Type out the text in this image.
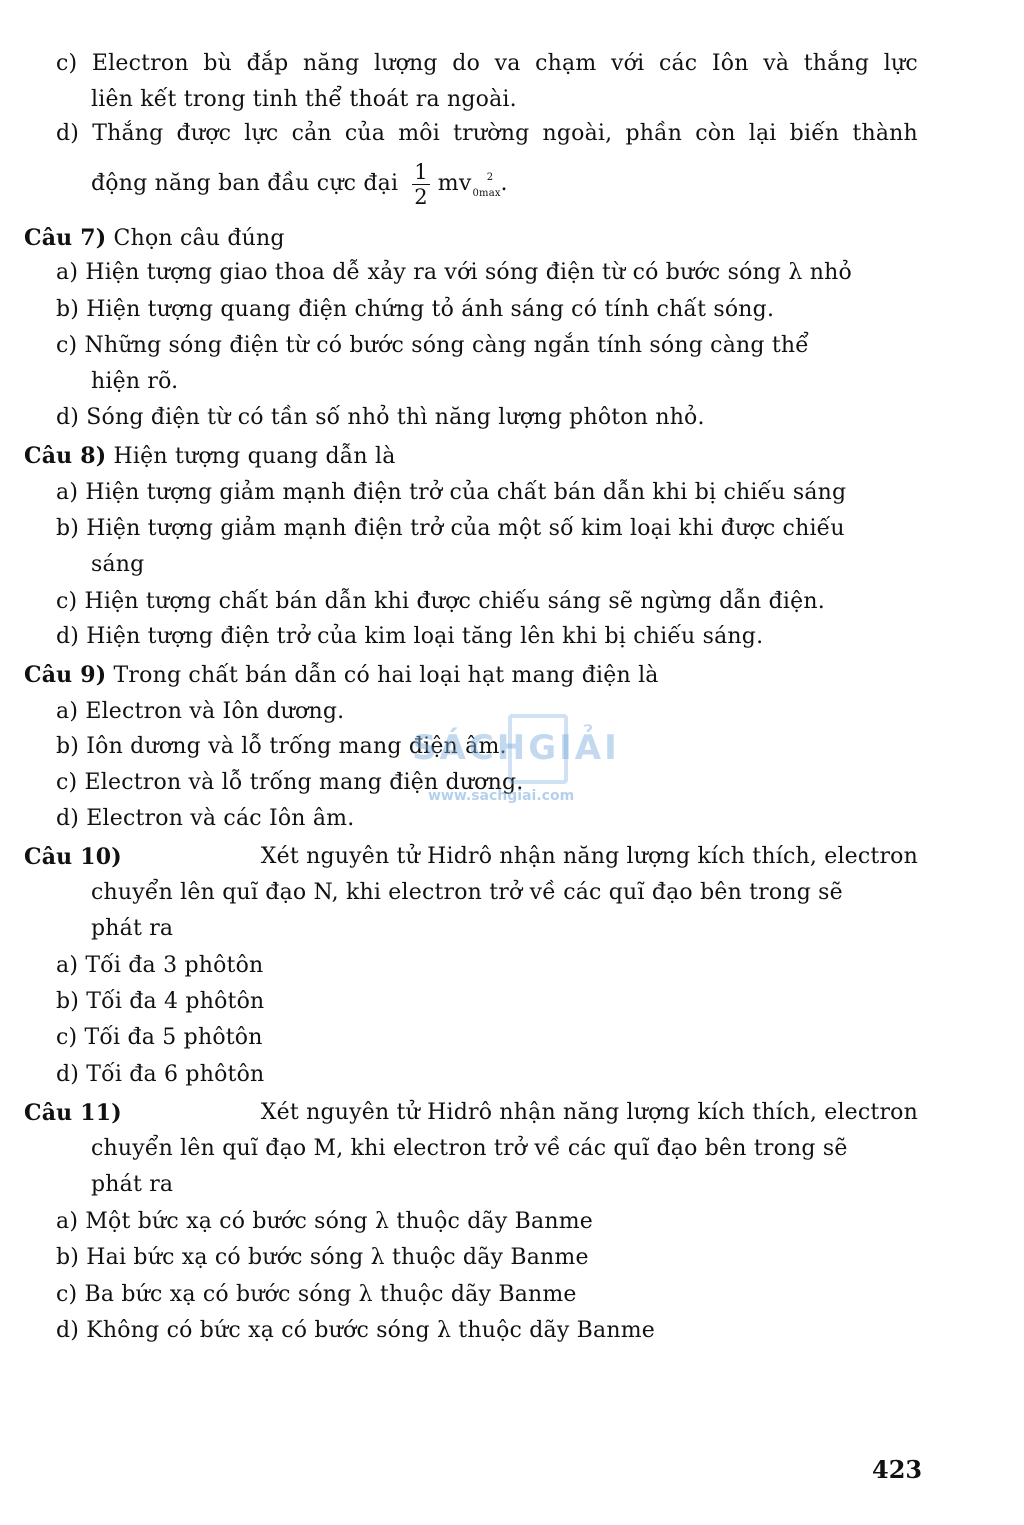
c) Electron bù đắp năng lượng do va chạm với các Iôn và thắng lực
liên kết trong tinh thể thoát ra ngoài.
d) Thắng được lực cản của môi trường ngoài, phần còn lại biến thành
động năng ban đầu cực đại $\frac{1}{2} mv_{0max}^2$ .
Câu 7) Chọn câu đúng
a) Hiện tượng giao thoa dễ xảy ra với sóng điện từ có bước sóng λ nhỏ
b) Hiện tượng quang điện chứng tỏ ánh sáng có tính chất sóng.
c) Những sóng điện từ có bước sóng càng ngắn tính sóng càng thể
hiện rõ.
d) Sóng điện từ có tần số nhỏ thì năng lượng phôton nhỏ.
Câu 8) Hiện tượng quang dẫn là
a) Hiện tượng giảm mạnh điện trở của chất bán dẫn khi bị chiếu sáng
b) Hiện tượng giảm mạnh điện trở của một số kim loại khi được chiếu
sáng
c) Hiện tượng chất bán dẫn khi được chiếu sáng sẽ ngừng dẫn điện.
d) Hiện tượng điện trở của kim loại tăng lên khi bị chiếu sáng.
Câu 9) Trong chất bán dẫn có hai loại hạt mang điện là
a) Electron và Iôn dương.
b) Iôn dương và lỗ trống mang điện âm.
c) Electron và lỗ trống mang điện dương.
d) Electron và các Iôn âm.
Câu 10)	Xét nguyên tử Hidrô nhận năng lượng kích thích, electron
chuyển lên quĩ đạo N, khi electron trở về các quĩ đạo bên trong sẽ
phát ra
a) Tối đa 3 phôtôn
b) Tối đa 4 phôtôn
c) Tối đa 5 phôtôn
d) Tối đa 6 phôtôn
Câu 11)	Xét nguyên tử Hidrô nhận năng lượng kích thích, electron
chuyển lên quĩ đạo M, khi electron trở về các quĩ đạo bên trong sẽ
phát ra
a) Một bức xạ có bước sóng λ thuộc dãy Banme
b) Hai bức xạ có bước sóng λ thuộc dãy Banme
c) Ba bức xạ có bước sóng λ thuộc dãy Banme
d) Không có bức xạ có bước sóng λ thuộc dãy Banme
SÁCHGIẢI
www.sachgiai.com
423
